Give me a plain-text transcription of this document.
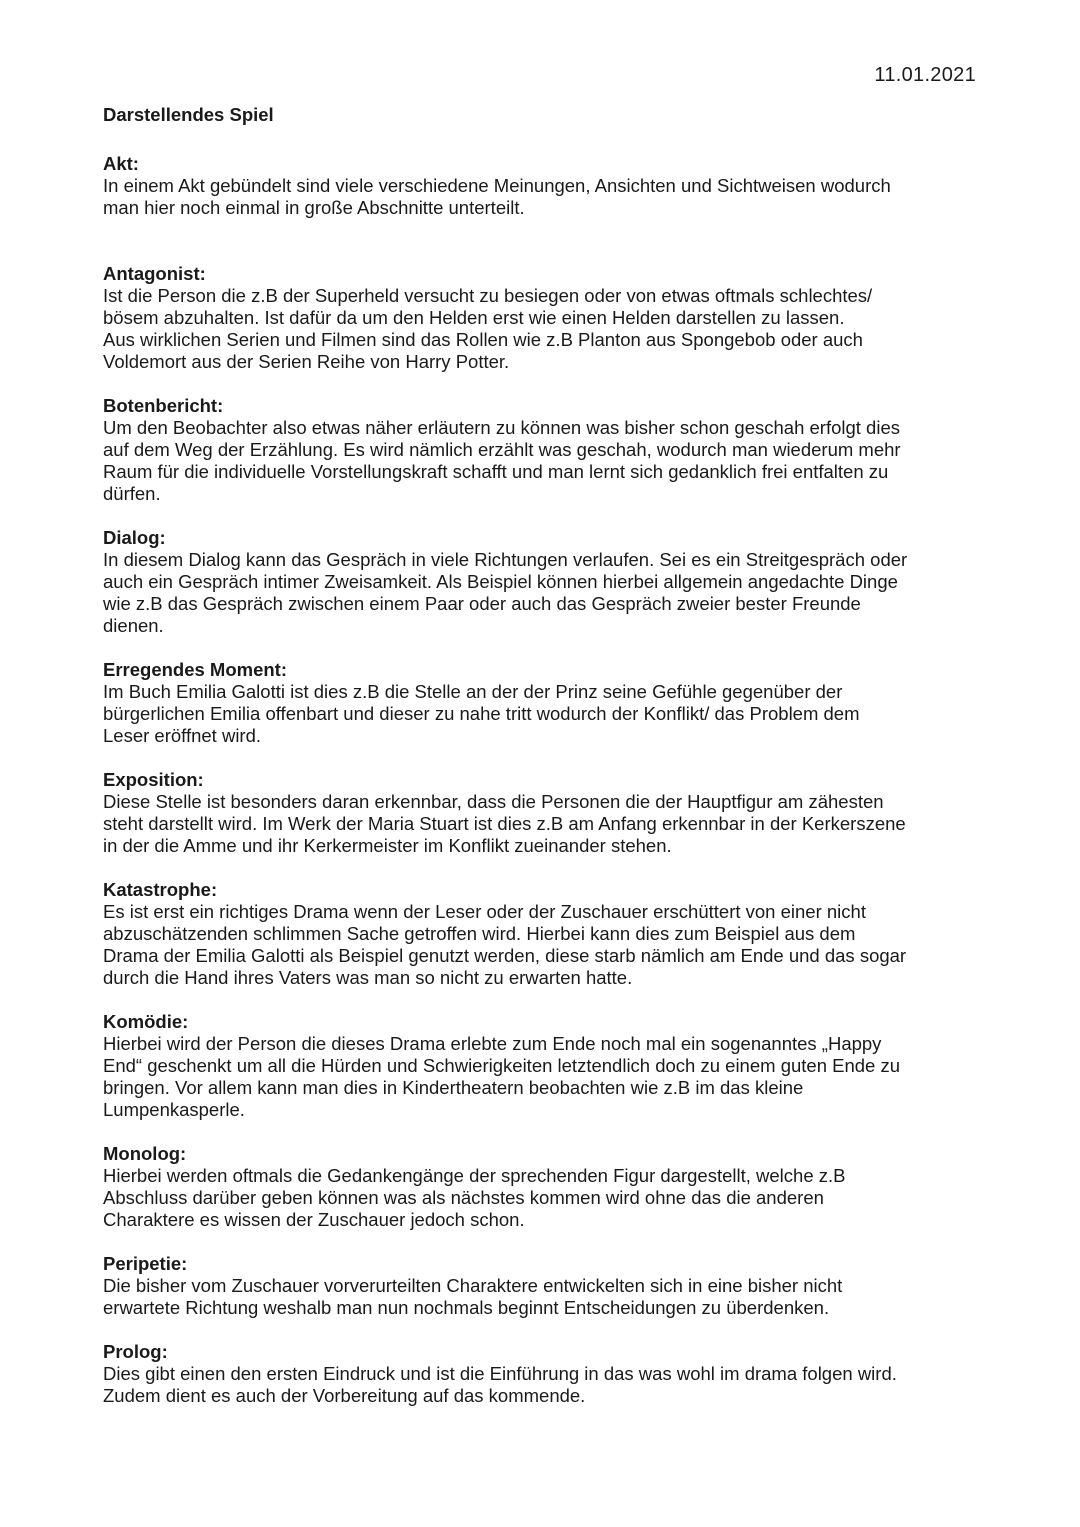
11.01.2021
Darstellendes Spiel
Akt:
In einem Akt gebündelt sind viele verschiedene Meinungen, Ansichten und Sichtweisen wodurch
man hier noch einmal in große Abschnitte unterteilt.
Antagonist:
Ist die Person die z.B der Superheld versucht zu besiegen oder von etwas oftmals schlechtes/
bösem abzuhalten. Ist dafür da um den Helden erst wie einen Helden darstellen zu lassen.
Aus wirklichen Serien und Filmen sind das Rollen wie z.B Planton aus Spongebob oder auch
Voldemort aus der Serien Reihe von Harry Potter.
Botenbericht:
Um den Beobachter also etwas näher erläutern zu können was bisher schon geschah erfolgt dies
auf dem Weg der Erzählung. Es wird nämlich erzählt was geschah, wodurch man wiederum mehr
Raum für die individuelle Vorstellungskraft schafft und man lernt sich gedanklich frei entfalten zu
dürfen.
Dialog:
In diesem Dialog kann das Gespräch in viele Richtungen verlaufen. Sei es ein Streitgespräch oder
auch ein Gespräch intimer Zweisamkeit. Als Beispiel können hierbei allgemein angedachte Dinge
wie z.B das Gespräch zwischen einem Paar oder auch das Gespräch zweier bester Freunde
dienen.
Erregendes Moment:
Im Buch Emilia Galotti ist dies z.B die Stelle an der der Prinz seine Gefühle gegenüber der
bürgerlichen Emilia offenbart und dieser zu nahe tritt wodurch der Konflikt/ das Problem dem
Leser eröffnet wird.
Exposition:
Diese Stelle ist besonders daran erkennbar, dass die Personen die der Hauptfigur am zähesten
steht darstellt wird. Im Werk der Maria Stuart ist dies z.B am Anfang erkennbar in der Kerkerszene
in der die Amme und ihr Kerkermeister im Konflikt zueinander stehen.
Katastrophe:
Es ist erst ein richtiges Drama wenn der Leser oder der Zuschauer erschüttert von einer nicht
abzuschätzenden schlimmen Sache getroffen wird. Hierbei kann dies zum Beispiel aus dem
Drama der Emilia Galotti als Beispiel genutzt werden, diese starb nämlich am Ende und das sogar
durch die Hand ihres Vaters was man so nicht zu erwarten hatte.
Komödie:
Hierbei wird der Person die dieses Drama erlebte zum Ende noch mal ein sogenanntes „Happy
End“ geschenkt um all die Hürden und Schwierigkeiten letztendlich doch zu einem guten Ende zu
bringen. Vor allem kann man dies in Kindertheatern beobachten wie z.B im das kleine
Lumpenkasperle.
Monolog:
Hierbei werden oftmals die Gedankengänge der sprechenden Figur dargestellt, welche z.B
Abschluss darüber geben können was als nächstes kommen wird ohne das die anderen
Charaktere es wissen der Zuschauer jedoch schon.
Peripetie:
Die bisher vom Zuschauer vorverurteilten Charaktere entwickelten sich in eine bisher nicht
erwartete Richtung weshalb man nun nochmals beginnt Entscheidungen zu überdenken.
Prolog:
Dies gibt einen den ersten Eindruck und ist die Einführung in das was wohl im drama folgen wird.
Zudem dient es auch der Vorbereitung auf das kommende.
